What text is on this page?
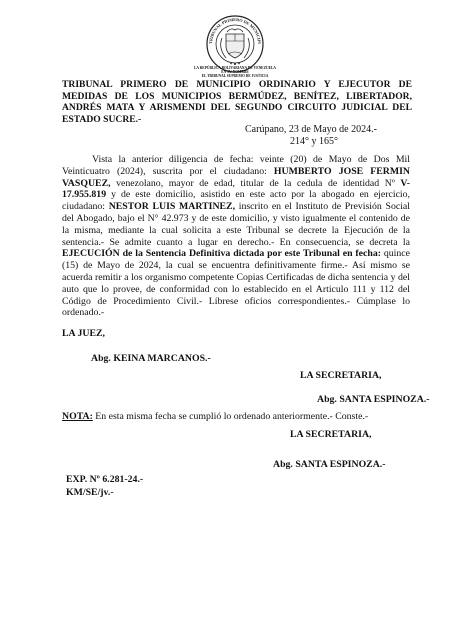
TRIBUNAL PRIMERO DE MUNICIPI
LA REPÚBLICA BOLIVARIANA DE VENEZUELA
EN SU NOMBRE
EL TRIBUNAL SUPREMO DE JUSTICIA
TRIBUNAL PRIMERO DE MUNICIPIO ORDINARIO Y EJECUTOR DE MEDIDAS DE LOS MUNICIPIOS BERMÚDEZ, BENÍTEZ, LIBERTADOR, ANDRÉS MATA Y ARISMENDI DEL SEGUNDO CIRCUITO JUDICIAL DEL ESTADO SUCRE.-
Carúpano, 23 de Mayo de 2024.-
214° y 165°
Vista la anterior diligencia de fecha: veinte (20) de Mayo de Dos Mil Veinticuatro (2024), suscrita por el ciudadano: HUMBERTO JOSE FERMIN VASQUEZ, venezolano, mayor de edad, titular de la cedula de identidad Nº V-17.955.819 y de este domicilio, asistido en este acto por la abogado en ejercicio, ciudadano: NESTOR LUIS MARTINEZ, inscrito en el Instituto de Previsión Social del Abogado, bajo el N° 42.973 y de este domicilio, y visto igualmente el contenido de la misma, mediante la cual solicita a este Tribunal se decrete la Ejecución de la sentencia.- Se admite cuanto a lugar en derecho.- En consecuencia, se decreta la EJECUCIÓN de la Sentencia Definitiva dictada por este Tribunal en fecha: quince (15) de Mayo de 2024, la cual se encuentra definitivamente firme.- Así mismo se acuerda remitir a los organismo competente Copias Certificadas de dicha sentencia y del auto que lo provee, de conformidad con lo establecido en el Articulo 111 y 112 del Código de Procedimiento Civil.- Líbrese oficios correspondientes.- Cúmplase lo ordenado.-
LA JUEZ,
Abg. KEINA MARCANOS.-
LA SECRETARIA,
Abg. SANTA ESPINOZA.-
NOTA: En esta misma fecha se cumplió lo ordenado anteriormente.- Conste.-
LA SECRETARIA,
Abg. SANTA ESPINOZA.-
EXP. Nº 6.281-24.-
KM/SE/jv.-
